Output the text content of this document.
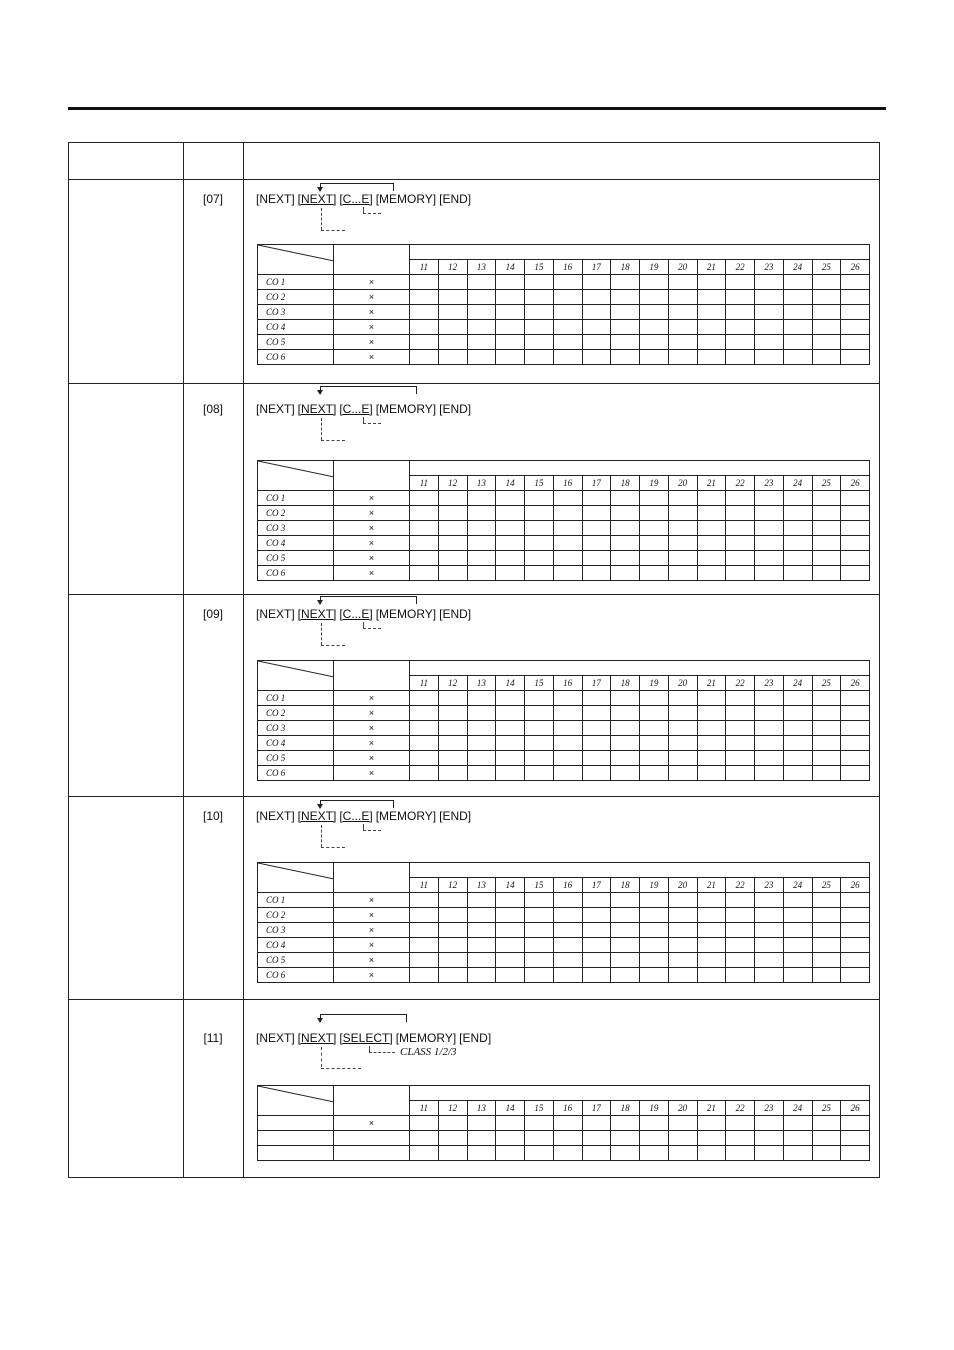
[07]	[NEXT] [NEXT] [C...E] [MEMORY] [END]

		11	12	13	14	15	16	17	18	19	20	21	22	23	24	25	26
CO 1	×																
CO 2	×																
CO 3	×																
CO 4	×																
CO 5	×																
CO 6	×																
[08]	[NEXT] [NEXT] [C...E] [MEMORY] [END]

		11	12	13	14	15	16	17	18	19	20	21	22	23	24	25	26
CO 1	×																
CO 2	×																
CO 3	×																
CO 4	×																
CO 5	×																
CO 6	×																
[09]	[NEXT] [NEXT] [C...E] [MEMORY] [END]

		11	12	13	14	15	16	17	18	19	20	21	22	23	24	25	26
CO 1	×																
CO 2	×																
CO 3	×																
CO 4	×																
CO 5	×																
CO 6	×																
[10]	[NEXT] [NEXT] [C...E] [MEMORY] [END]

		11	12	13	14	15	16	17	18	19	20	21	22	23	24	25	26
CO 1	×																
CO 2	×																
CO 3	×																
CO 4	×																
CO 5	×																
CO 6	×																
[11]	[NEXT] [NEXT] [SELECT] [MEMORY] [END]
CLASS 1/2/3

		11	12	13	14	15	16	17	18	19	20	21	22	23	24	25	26
	×																
